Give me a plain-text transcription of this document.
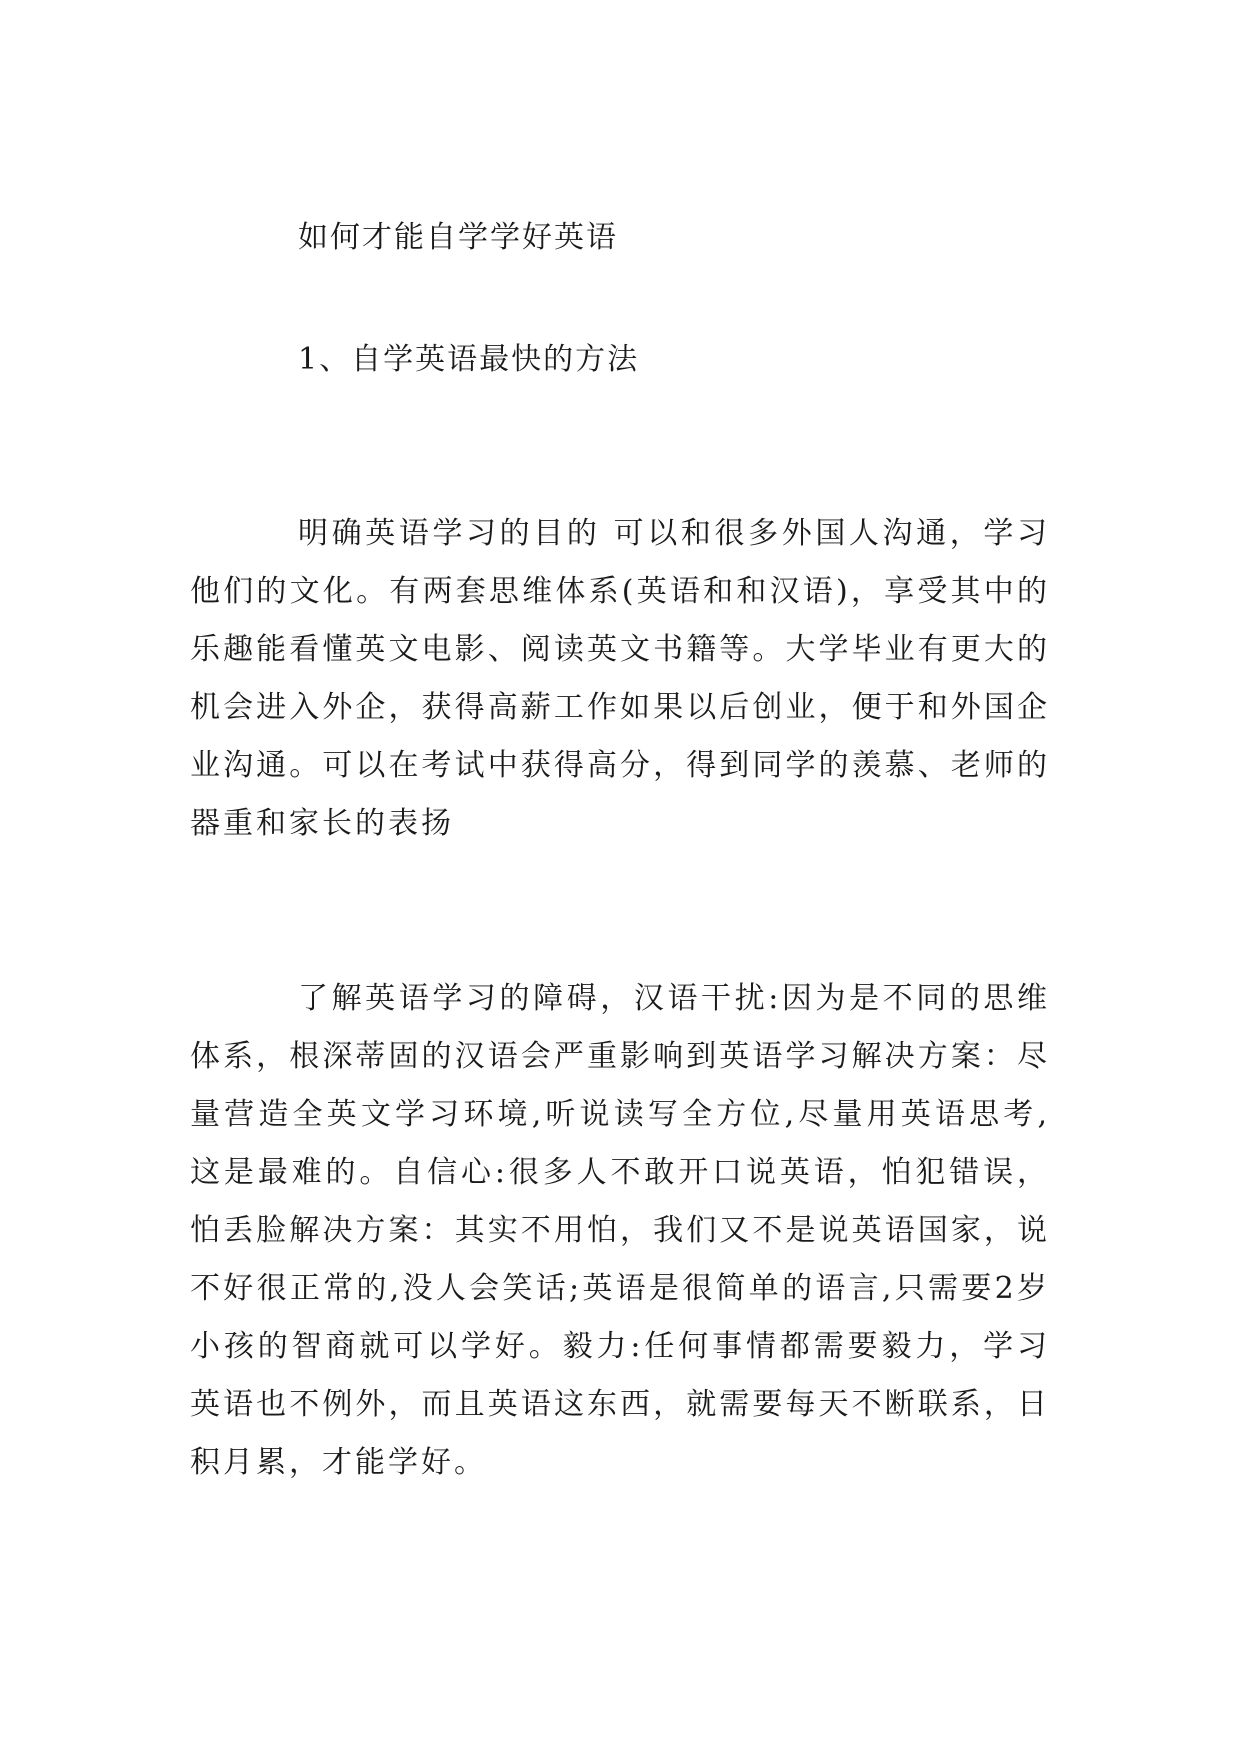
如何才能自学学好英语
1、自学英语最快的方法

明确英语学习的目的 可以和很多外国人沟通，学习他们的文化。有两套思维体系(英语和和汉语)，享受其中的乐趣能看懂英文电影、阅读英文书籍等。大学毕业有更大的机会进入外企，获得高薪工作如果以后创业，便于和外国企业沟通。可以在考试中获得高分，得到同学的羡慕、老师的器重和家长的表扬

了解英语学习的障碍，汉语干扰:因为是不同的思维体系，根深蒂固的汉语会严重影响到英语学习解决方案：尽量营造全英文学习环境,听说读写全方位,尽量用英语思考,这是最难的。自信心:很多人不敢开口说英语，怕犯错误，怕丢脸解决方案：其实不用怕，我们又不是说英语国家，说不好很正常的,没人会笑话;英语是很简单的语言,只需要2岁小孩的智商就可以学好。毅力:任何事情都需要毅力，学习英语也不例外，而且英语这东西，就需要每天不断联系，日积月累，才能学好。
